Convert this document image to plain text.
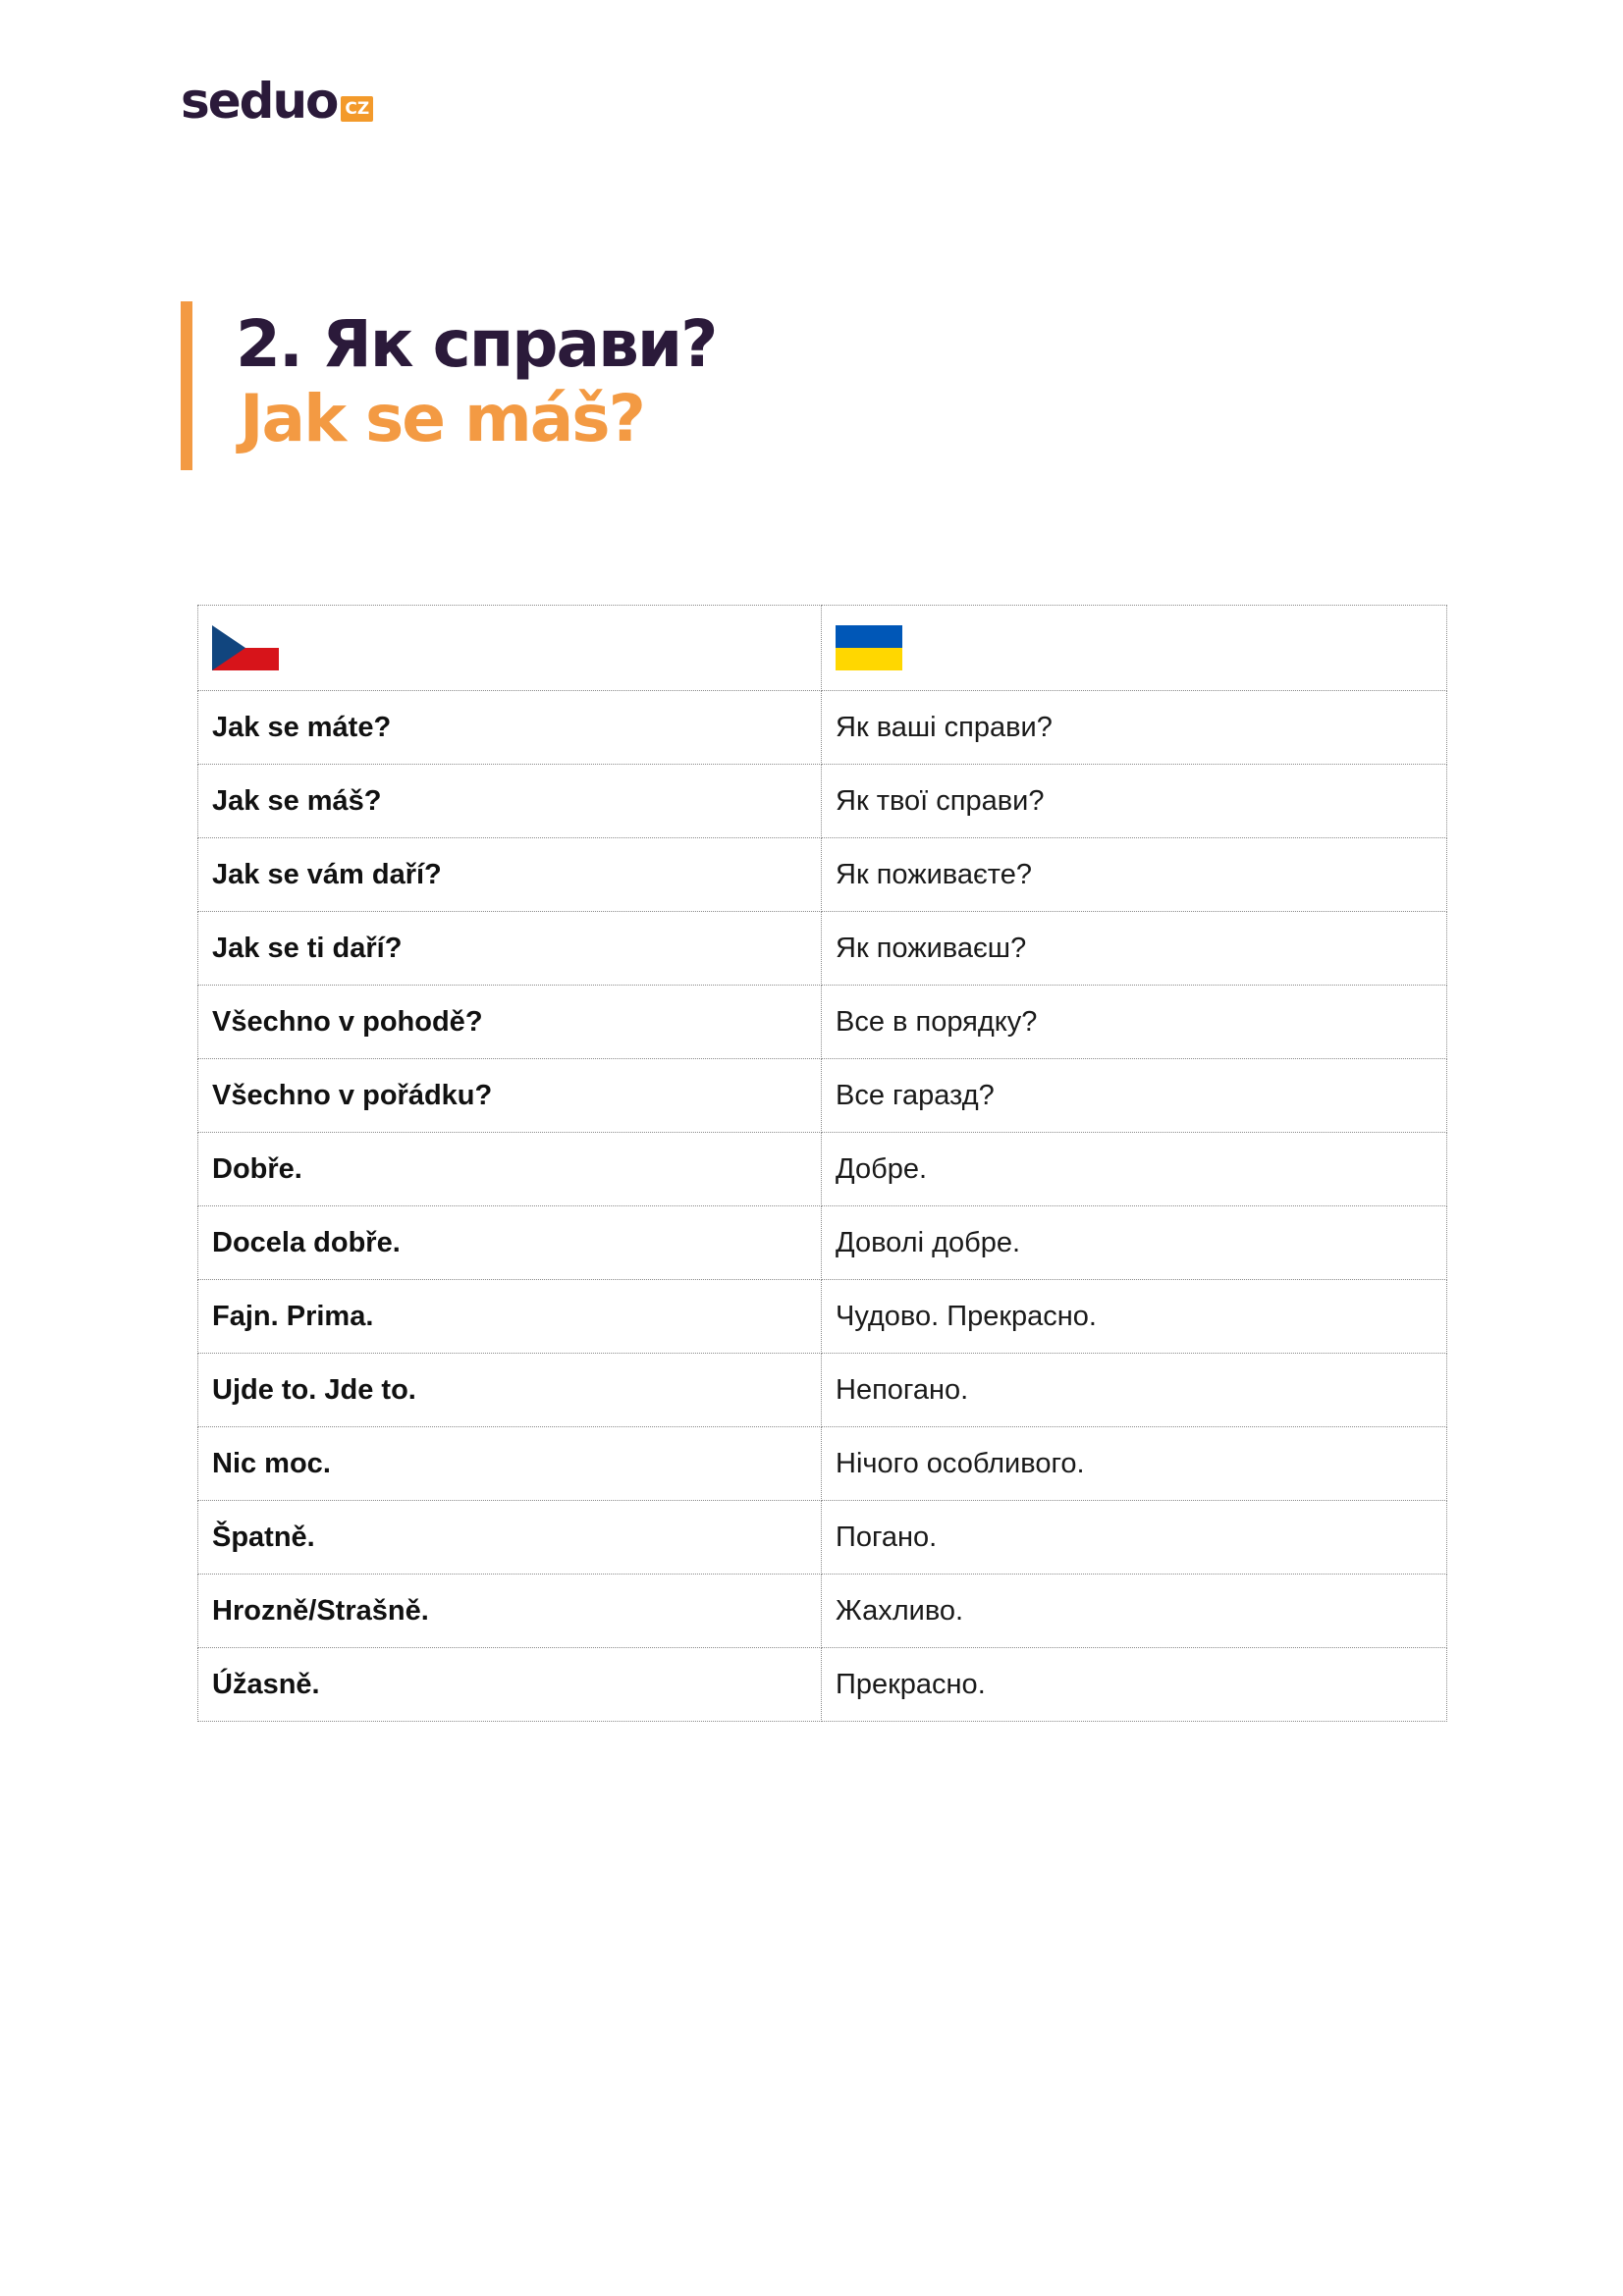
seduo CZ
2. Як справи?
Jak se máš?

Jak se máte?	Як ваші справи?
Jak se máš?	Як твої справи?
Jak se vám daří?	Як поживаєте?
Jak se ti daří?	Як поживаєш?
Všechno v pohodě?	Все в порядку?
Všechno v pořádku?	Все гаразд?
Dobře.	Добре.
Docela dobře.	Доволі добре.
Fajn. Prima.	Чудово. Прекрасно.
Ujde to. Jde to.	Непогано.
Nic moc.	Нічого особливого.
Špatně.	Погано.
Hrozně/Strašně.	Жахливо.
Úžasně.	Прекрасно.
